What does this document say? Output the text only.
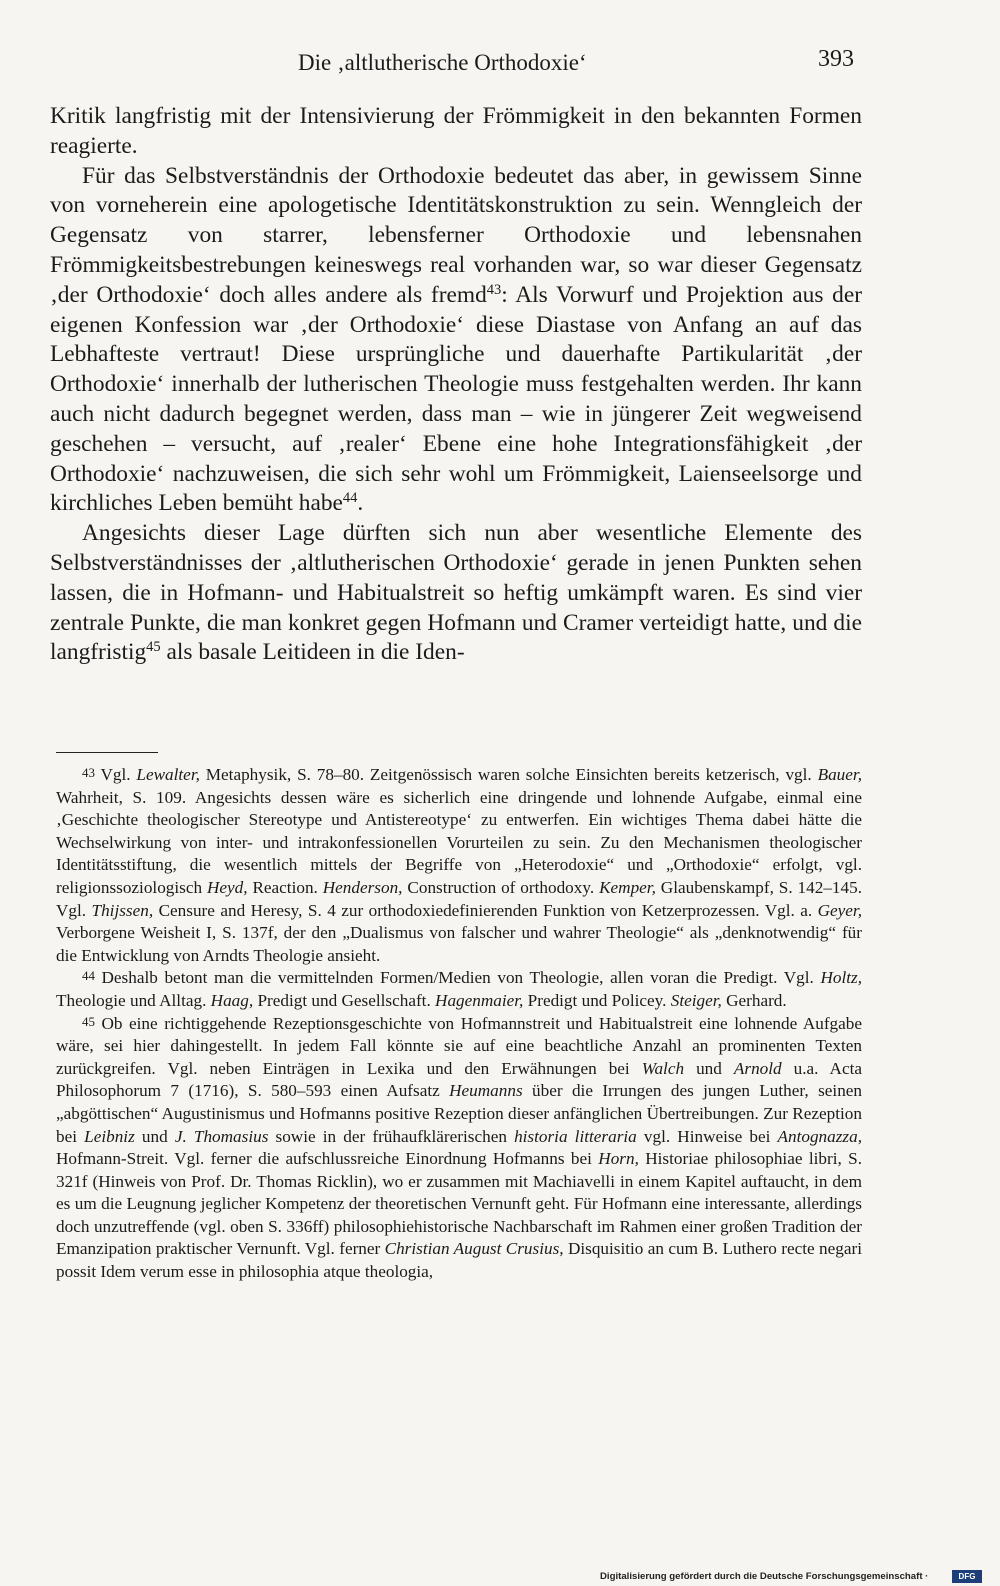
Die ‚altlutherische Orthodoxie‘	393

Kritik langfristig mit der Intensivierung der Frömmigkeit in den bekannten Formen reagierte.

Für das Selbstverständnis der Orthodoxie bedeutet das aber, in gewissem Sinne von vorneherein eine apologetische Identitätskonstruktion zu sein. Wenngleich der Gegensatz von starrer, lebensferner Orthodoxie und lebensnahen Frömmigkeitsbestrebungen keineswegs real vorhanden war, so war dieser Gegensatz ‚der Orthodoxie‘ doch alles andere als fremd$^{43}$: Als Vorwurf und Projektion aus der eigenen Konfession war ‚der Orthodoxie‘ diese Diastase von Anfang an auf das Lebhafteste vertraut! Diese ursprüngliche und dauerhafte Partikularität ‚der Orthodoxie‘ innerhalb der lutherischen Theologie muss festgehalten werden. Ihr kann auch nicht dadurch begegnet werden, dass man – wie in jüngerer Zeit wegweisend geschehen – versucht, auf ‚realer‘ Ebene eine hohe Integrationsfähigkeit ‚der Orthodoxie‘ nachzuweisen, die sich sehr wohl um Frömmigkeit, Laienseelsorge und kirchliches Leben bemüht habe$^{44}$.

Angesichts dieser Lage dürften sich nun aber wesentliche Elemente des Selbstverständnisses der ‚altlutherischen Orthodoxie‘ gerade in jenen Punkten sehen lassen, die in Hofmann- und Habitualstreit so heftig umkämpft waren. Es sind vier zentrale Punkte, die man konkret gegen Hofmann und Cramer verteidigt hatte, und die langfristig$^{45}$ als basale Leitideen in die Iden-

$^{43}$ Vgl. Lewalter, Metaphysik, S. 78–80. Zeitgenössisch waren solche Einsichten bereits ketzerisch, vgl. Bauer, Wahrheit, S. 109. Angesichts dessen wäre es sicherlich eine dringende und lohnende Aufgabe, einmal eine ‚Geschichte theologischer Stereotype und Antistereotype‘ zu entwerfen. Ein wichtiges Thema dabei hätte die Wechselwirkung von inter- und intrakonfessionellen Vorurteilen zu sein. Zu den Mechanismen theologischer Identitätsstiftung, die wesentlich mittels der Begriffe von „Heterodoxie“ und „Orthodoxie“ erfolgt, vgl. religionssoziologisch Heyd, Reaction. Henderson, Construction of orthodoxy. Kemper, Glaubenskampf, S. 142–145. Vgl. Thijssen, Censure and Heresy, S. 4 zur orthodoxiedefinierenden Funktion von Ketzerprozessen. Vgl. a. Geyer, Verborgene Weisheit I, S. 137f, der den „Dualismus von falscher und wahrer Theologie“ als „denknotwendig“ für die Entwicklung von Arndts Theologie ansieht.

$^{44}$ Deshalb betont man die vermittelnden Formen/Medien von Theologie, allen voran die Predigt. Vgl. Holtz, Theologie und Alltag. Haag, Predigt und Gesellschaft. Hagenmaier, Predigt und Policey. Steiger, Gerhard.

$^{45}$ Ob eine richtiggehende Rezeptionsgeschichte von Hofmannstreit und Habitualstreit eine lohnende Aufgabe wäre, sei hier dahingestellt. In jedem Fall könnte sie auf eine beachtliche Anzahl an prominenten Texten zurückgreifen. Vgl. neben Einträgen in Lexika und den Erwähnungen bei Walch und Arnold u.a. Acta Philosophorum 7 (1716), S. 580–593 einen Aufsatz Heumanns über die Irrungen des jungen Luther, seinen „abgöttischen“ Augustinismus und Hofmanns positive Rezeption dieser anfänglichen Übertreibungen. Zur Rezeption bei Leibniz und J. Thomasius sowie in der frühaufklärerischen historia litteraria vgl. Hinweise bei Antognazza, Hofmann-Streit. Vgl. ferner die aufschlussreiche Einordnung Hofmanns bei Horn, Historiae philosophiae libri, S. 321f (Hinweis von Prof. Dr. Thomas Ricklin), wo er zusammen mit Machiavelli in einem Kapitel auftaucht, in dem es um die Leugnung jeglicher Kompetenz der theoretischen Vernunft geht. Für Hofmann eine interessante, allerdings doch unzutreffende (vgl. oben S. 336ff) philosophiehistorische Nachbarschaft im Rahmen einer großen Tradition der Emanzipation praktischer Vernunft. Vgl. ferner Christian August Crusius, Disquisitio an cum B. Luthero recte negari possit Idem verum esse in philosophia atque theologia,

Digitalisierung gefördert durch die Deutsche Forschungsgemeinschaft ·	DFG
